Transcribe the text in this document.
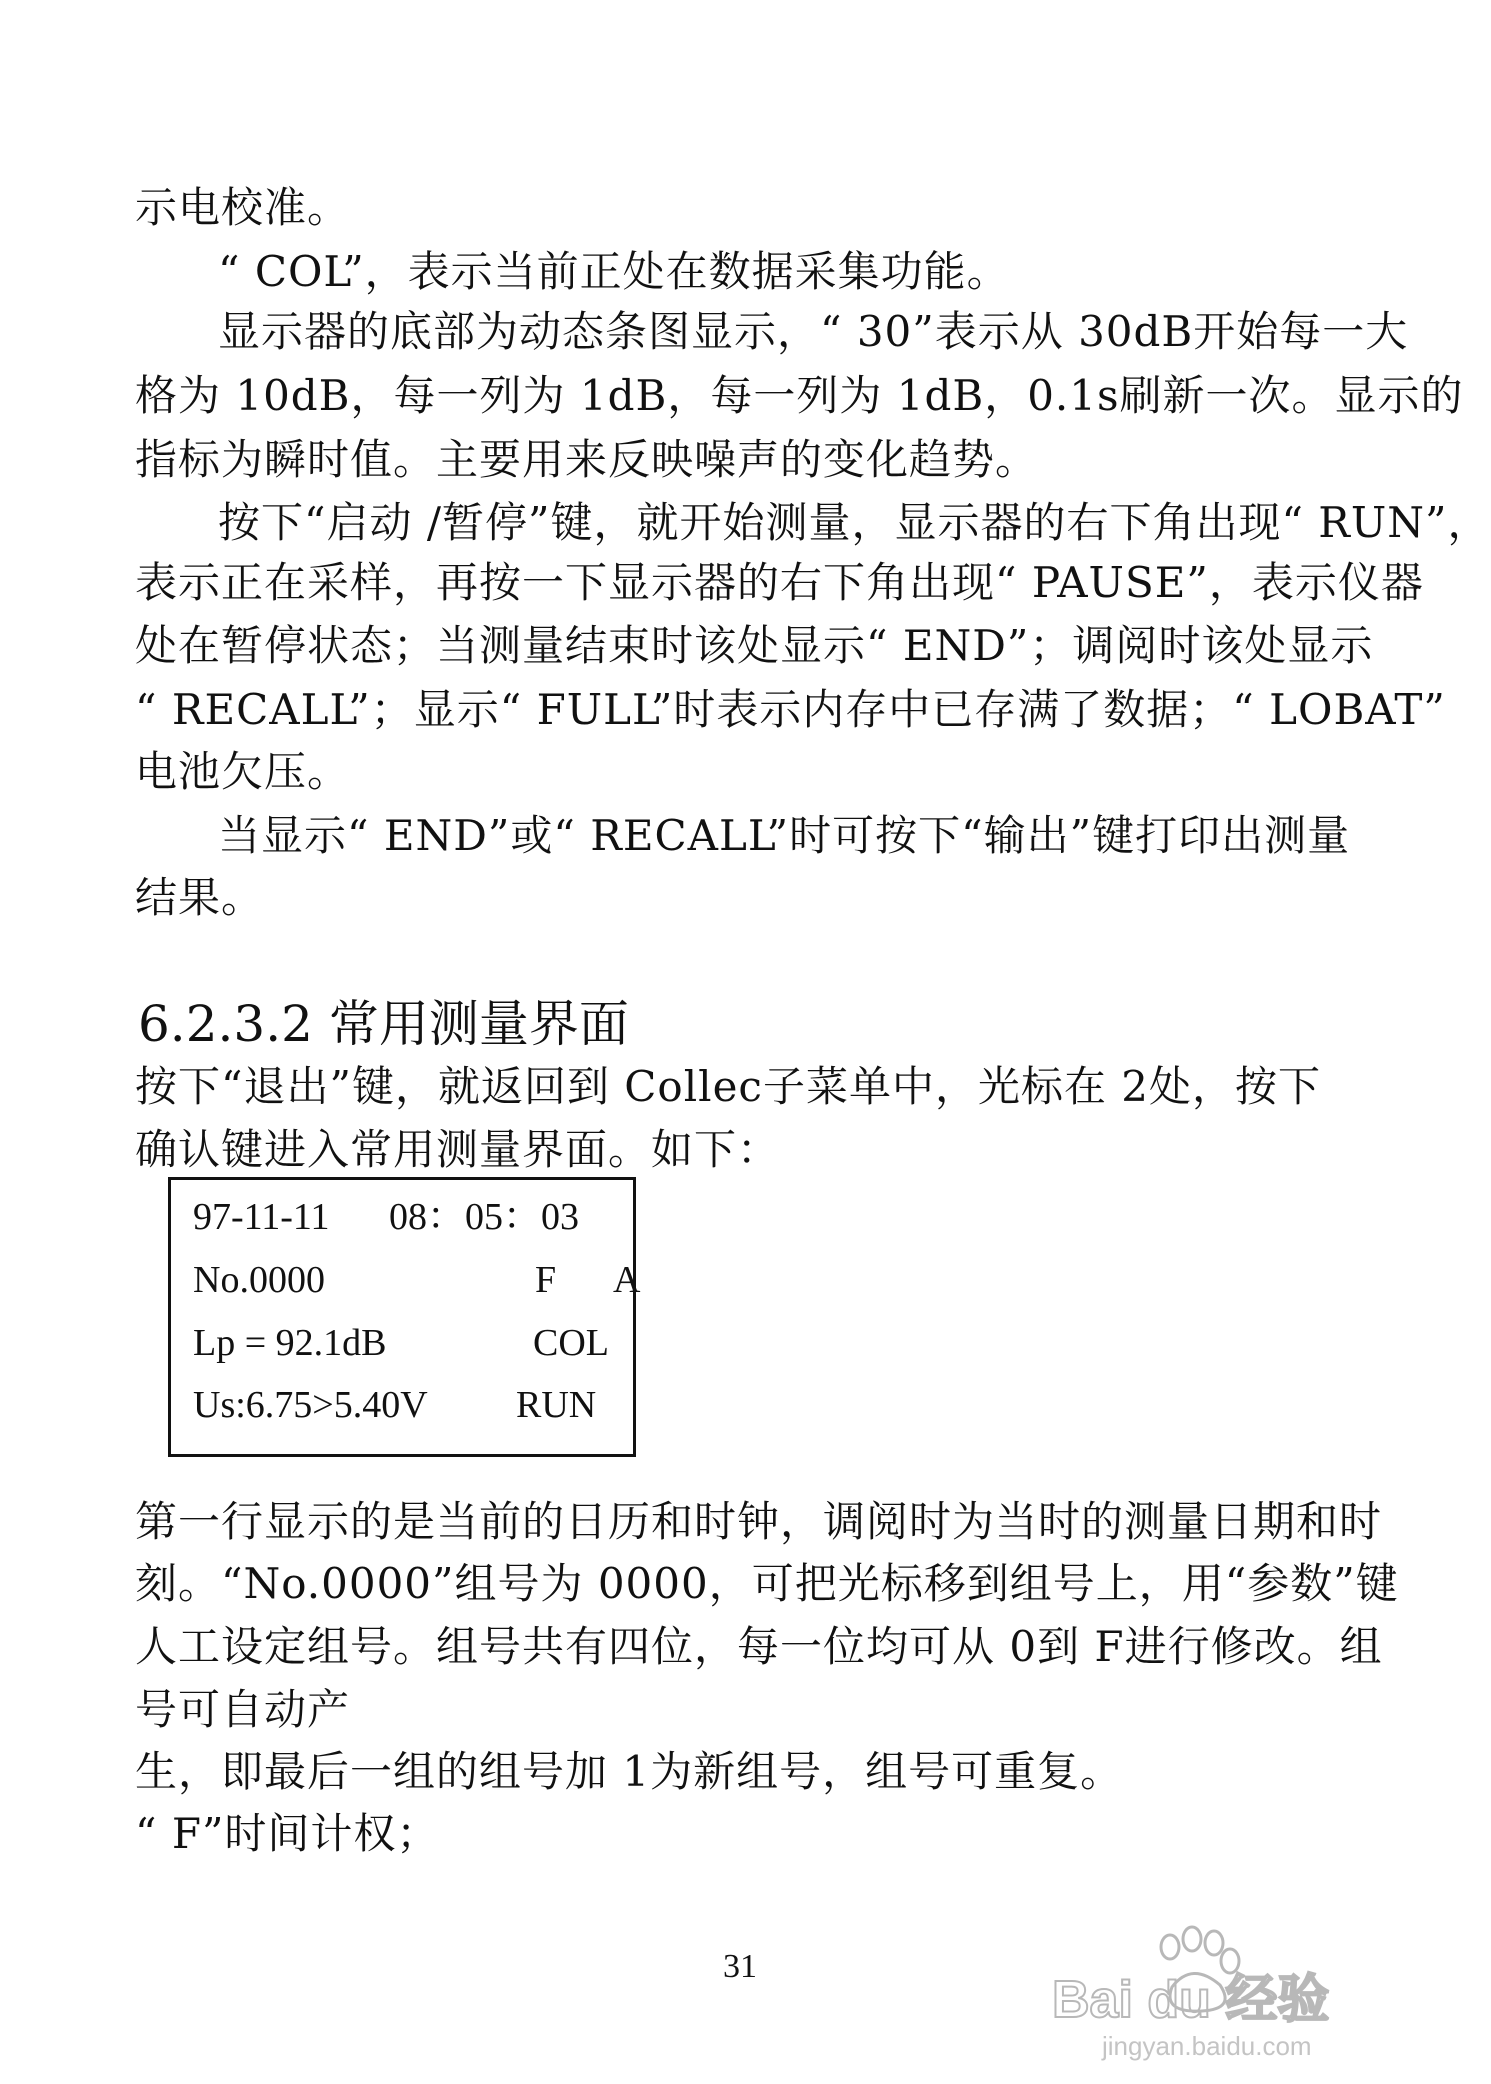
示电校准。
“ COL”，表示当前正处在数据采集功能。
显示器的底部为动态条图显示，“ 30”表示从 30dB开始每一大
格为 10dB，每一列为 1dB，每一列为 1dB，0.1s刷新一次。显示的
指标为瞬时值。主要用来反映噪声的变化趋势。
按下“启动 /暂停”键，就开始测量，显示器的右下角出现“ RUN”，
表示正在采样，再按一下显示器的右下角出现“ PAUSE”，表示仪器
处在暂停状态；当测量结束时该处显示“ END”；调阅时该处显示
“ RECALL”；显示“ FULL”时表示内存中已存满了数据；“ LOBAT”
电池欠压。
当显示“ END”或“ RECALL”时可按下“输出”键打印出测量
结果。
6.2.3.2 常用测量界面
按下“退出”键，就返回到 Collec子菜单中，光标在 2处，按下
确认键进入常用测量界面。如下：
97-11-11 08：05：03
No.0000	F A
Lp = 92.1dB	COL
Us:6.75>5.40V RUN
第一行显示的是当前的日历和时钟，调阅时为当时的测量日期和时
刻。“No.0000”组号为 0000，可把光标移到组号上，用“参数”键
人工设定组号。组号共有四位，每一位均可从 0到 F进行修改。组
号可自动产
生，即最后一组的组号加 1为新组号，组号可重复。
“ F”时间计权；
31
Bai du 经验
jingyan.baidu.com
